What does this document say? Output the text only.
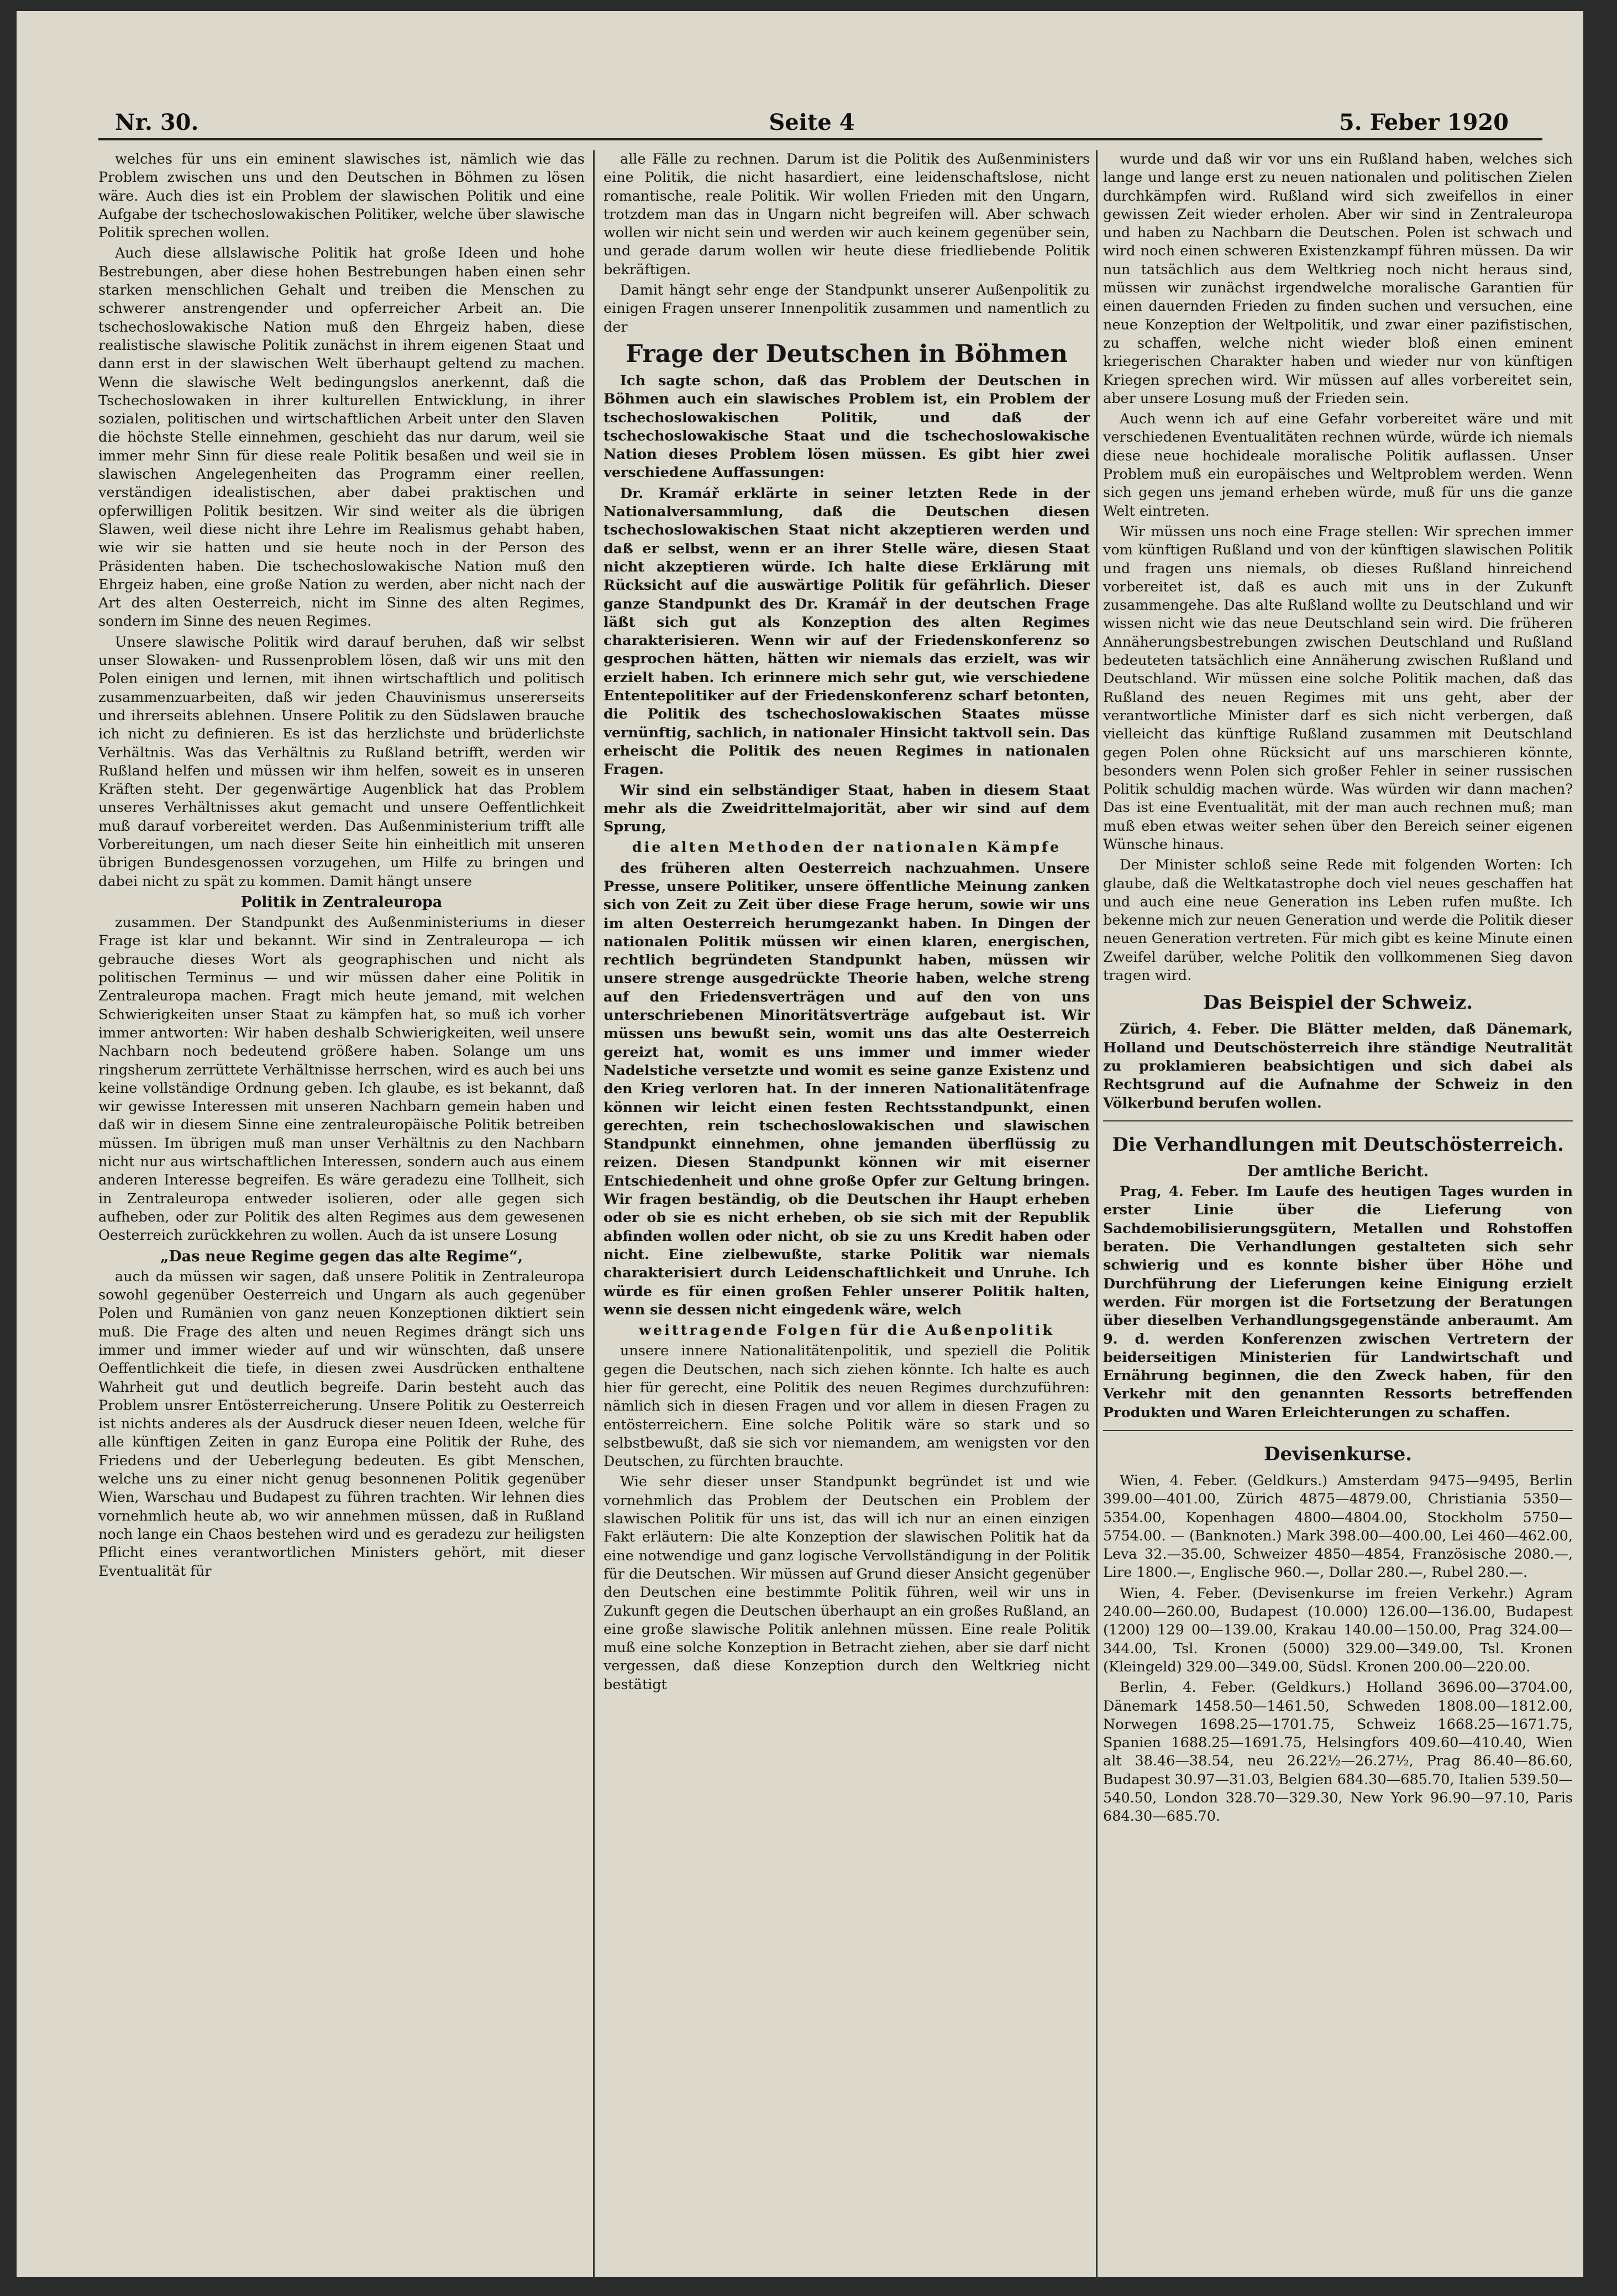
Nr. 30.	Seite 4	5. Feber 1920

welches für uns ein eminent slawisches ist, nämlich wie das Problem zwischen uns und den Deutschen in Böhmen zu lösen wäre. Auch dies ist ein Problem der slawischen Politik und eine Aufgabe der tschechoslowakischen Politiker, welche über slawische Politik sprechen wollen.

Auch diese allslawische Politik hat große Ideen und hohe Bestrebungen, aber diese hohen Bestrebungen haben einen sehr starken menschlichen Gehalt und treiben die Menschen zu schwerer anstrengender und opferreicher Arbeit an. Die tschechoslowakische Nation muß den Ehrgeiz haben, diese realistische slawische Politik zunächst in ihrem eigenen Staat und dann erst in der slawischen Welt überhaupt geltend zu machen. Wenn die slawische Welt bedingungslos anerkennt, daß die Tschechoslowaken in ihrer kulturellen Entwicklung, in ihrer sozialen, politischen und wirtschaftlichen Arbeit unter den Slaven die höchste Stelle einnehmen, geschieht das nur darum, weil sie immer mehr Sinn für diese reale Politik besaßen und weil sie in slawischen Angelegenheiten das Programm einer reellen, verständigen idealistischen, aber dabei praktischen und opferwilligen Politik besitzen. Wir sind weiter als die übrigen Slawen, weil diese nicht ihre Lehre im Realismus gehabt haben, wie wir sie hatten und sie heute noch in der Person des Präsidenten haben. Die tschechoslowakische Nation muß den Ehrgeiz haben, eine große Nation zu werden, aber nicht nach der Art des alten Oesterreich, nicht im Sinne des alten Regimes, sondern im Sinne des neuen Regimes.

Unsere slawische Politik wird darauf beruhen, daß wir selbst unser Slowaken- und Russenproblem lösen, daß wir uns mit den Polen einigen und lernen, mit ihnen wirtschaftlich und politisch zusammenzuarbeiten, daß wir jeden Chauvinismus unsererseits und ihrerseits ablehnen. Unsere Politik zu den Südslawen brauche ich nicht zu definieren. Es ist das herzlichste und brüderlichste Verhältnis. Was das Verhältnis zu Rußland betrifft, werden wir Rußland helfen und müssen wir ihm helfen, soweit es in unseren Kräften steht. Der gegenwärtige Augenblick hat das Problem unseres Verhältnisses akut gemacht und unsere Oeffentlichkeit muß darauf vorbereitet werden. Das Außenministerium trifft alle Vorbereitungen, um nach dieser Seite hin einheitlich mit unseren übrigen Bundesgenossen vorzugehen, um Hilfe zu bringen und dabei nicht zu spät zu kommen. Damit hängt unsere

Politik in Zentraleuropa

zusammen. Der Standpunkt des Außenministeriums in dieser Frage ist klar und bekannt. Wir sind in Zentraleuropa — ich gebrauche dieses Wort als geographischen und nicht als politischen Terminus — und wir müssen daher eine Politik in Zentraleuropa machen. Fragt mich heute jemand, mit welchen Schwierigkeiten unser Staat zu kämpfen hat, so muß ich vorher immer antworten: Wir haben deshalb Schwierigkeiten, weil unsere Nachbarn noch bedeutend größere haben. Solange um uns ringsherum zerrüttete Verhältnisse herrschen, wird es auch bei uns keine vollständige Ordnung geben. Ich glaube, es ist bekannt, daß wir gewisse Interessen mit unseren Nachbarn gemein haben und daß wir in diesem Sinne eine zentraleuropäische Politik betreiben müssen. Im übrigen muß man unser Verhältnis zu den Nachbarn nicht nur aus wirtschaftlichen Interessen, sondern auch aus einem anderen Interesse begreifen. Es wäre geradezu eine Tollheit, sich in Zentraleuropa entweder isolieren, oder alle gegen sich aufheben, oder zur Politik des alten Regimes aus dem gewesenen Oesterreich zurückkehren zu wollen. Auch da ist unsere Losung

„Das neue Regime gegen das alte Regime“,

auch da müssen wir sagen, daß unsere Politik in Zentraleuropa sowohl gegenüber Oesterreich und Ungarn als auch gegenüber Polen und Rumänien von ganz neuen Konzeptionen diktiert sein muß. Die Frage des alten und neuen Regimes drängt sich uns immer und immer wieder auf und wir wünschten, daß unsere Oeffentlichkeit die tiefe, in diesen zwei Ausdrücken enthaltene Wahrheit gut und deutlich begreife. Darin besteht auch das Problem unsrer Entösterreicherung. Unsere Politik zu Oesterreich ist nichts anderes als der Ausdruck dieser neuen Ideen, welche für alle künftigen Zeiten in ganz Europa eine Politik der Ruhe, des Friedens und der Ueberlegung bedeuten. Es gibt Menschen, welche uns zu einer nicht genug besonnenen Politik gegenüber Wien, Warschau und Budapest zu führen trachten. Wir lehnen dies vornehmlich heute ab, wo wir annehmen müssen, daß in Rußland noch lange ein Chaos bestehen wird und es geradezu zur heiligsten Pflicht eines verantwortlichen Ministers gehört, mit dieser Eventualität für

alle Fälle zu rechnen. Darum ist die Politik des Außenministers eine Politik, die nicht hasardiert, eine leidenschaftslose, nicht romantische, reale Politik. Wir wollen Frieden mit den Ungarn, trotzdem man das in Ungarn nicht begreifen will. Aber schwach wollen wir nicht sein und werden wir auch keinem gegenüber sein, und gerade darum wollen wir heute diese friedliebende Politik bekräftigen.

Damit hängt sehr enge der Standpunkt unserer Außenpolitik zu einigen Fragen unserer Innenpolitik zusammen und namentlich zu der

Frage der Deutschen in Böhmen

Ich sagte schon, daß das Problem der Deutschen in Böhmen auch ein slawisches Problem ist, ein Problem der tschechoslowakischen Politik, und daß der tschechoslowakische Staat und die tschechoslowakische Nation dieses Problem lösen müssen. Es gibt hier zwei verschiedene Auffassungen:

Dr. Kramář erklärte in seiner letzten Rede in der Nationalversammlung, daß die Deutschen diesen tschechoslowakischen Staat nicht akzeptieren werden und daß er selbst, wenn er an ihrer Stelle wäre, diesen Staat nicht akzeptieren würde. Ich halte diese Erklärung mit Rücksicht auf die auswärtige Politik für gefährlich. Dieser ganze Standpunkt des Dr. Kramář in der deutschen Frage läßt sich gut als Konzeption des alten Regimes charakterisieren. Wenn wir auf der Friedenskonferenz so gesprochen hätten, hätten wir niemals das erzielt, was wir erzielt haben. Ich erinnere mich sehr gut, wie verschiedene Ententepolitiker auf der Friedenskonferenz scharf betonten, die Politik des tschechoslowakischen Staates müsse vernünftig, sachlich, in nationaler Hinsicht taktvoll sein. Das erheischt die Politik des neuen Regimes in nationalen Fragen.

Wir sind ein selbständiger Staat, haben in diesem Staat mehr als die Zweidrittelmajorität, aber wir sind auf dem Sprung,

die alten Methoden der nationalen Kämpfe

des früheren alten Oesterreich nachzuahmen. Unsere Presse, unsere Politiker, unsere öffentliche Meinung zanken sich von Zeit zu Zeit über diese Frage herum, sowie wir uns im alten Oesterreich herumgezankt haben. In Dingen der nationalen Politik müssen wir einen klaren, energischen, rechtlich begründeten Standpunkt haben, müssen wir unsere strenge ausgedrückte Theorie haben, welche streng auf den Friedensverträgen und auf den von uns unterschriebenen Minoritätsverträge aufgebaut ist. Wir müssen uns bewußt sein, womit uns das alte Oesterreich gereizt hat, womit es uns immer und immer wieder Nadelstiche versetzte und womit es seine ganze Existenz und den Krieg verloren hat. In der inneren Nationalitätenfrage können wir leicht einen festen Rechtsstandpunkt, einen gerechten, rein tschechoslowakischen und slawischen Standpunkt einnehmen, ohne jemanden überflüssig zu reizen. Diesen Standpunkt können wir mit eiserner Entschiedenheit und ohne große Opfer zur Geltung bringen. Wir fragen beständig, ob die Deutschen ihr Haupt erheben oder ob sie es nicht erheben, ob sie sich mit der Republik abfinden wollen oder nicht, ob sie zu uns Kredit haben oder nicht. Eine zielbewußte, starke Politik war niemals charakterisiert durch Leidenschaftlichkeit und Unruhe. Ich würde es für einen großen Fehler unserer Politik halten, wenn sie dessen nicht eingedenk wäre, welch

weittragende Folgen für die Außenpolitik

unsere innere Nationalitätenpolitik, und speziell die Politik gegen die Deutschen, nach sich ziehen könnte. Ich halte es auch hier für gerecht, eine Politik des neuen Regimes durchzuführen: nämlich sich in diesen Fragen und vor allem in diesen Fragen zu entösterreichern. Eine solche Politik wäre so stark und so selbstbewußt, daß sie sich vor niemandem, am wenigsten vor den Deutschen, zu fürchten brauchte.

Wie sehr dieser unser Standpunkt begründet ist und wie vornehmlich das Problem der Deutschen ein Problem der slawischen Politik für uns ist, das will ich nur an einen einzigen Fakt erläutern: Die alte Konzeption der slawischen Politik hat da eine notwendige und ganz logische Vervollständigung in der Politik für die Deutschen. Wir müssen auf Grund dieser Ansicht gegenüber den Deutschen eine bestimmte Politik führen, weil wir uns in Zukunft gegen die Deutschen überhaupt an ein großes Rußland, an eine große slawische Politik anlehnen müssen. Eine reale Politik muß eine solche Konzeption in Betracht ziehen, aber sie darf nicht vergessen, daß diese Konzeption durch den Weltkrieg nicht bestätigt

wurde und daß wir vor uns ein Rußland haben, welches sich lange und lange erst zu neuen nationalen und politischen Zielen durchkämpfen wird. Rußland wird sich zweifellos in einer gewissen Zeit wieder erholen. Aber wir sind in Zentraleuropa und haben zu Nachbarn die Deutschen. Polen ist schwach und wird noch einen schweren Existenzkampf führen müssen. Da wir nun tatsächlich aus dem Weltkrieg noch nicht heraus sind, müssen wir zunächst irgendwelche moralische Garantien für einen dauernden Frieden zu finden suchen und versuchen, eine neue Konzeption der Weltpolitik, und zwar einer pazifistischen, zu schaffen, welche nicht wieder bloß einen eminent kriegerischen Charakter haben und wieder nur von künftigen Kriegen sprechen wird. Wir müssen auf alles vorbereitet sein, aber unsere Losung muß der Frieden sein.

Auch wenn ich auf eine Gefahr vorbereitet wäre und mit verschiedenen Eventualitäten rechnen würde, würde ich niemals diese neue hochideale moralische Politik auflassen. Unser Problem muß ein europäisches und Weltproblem werden. Wenn sich gegen uns jemand erheben würde, muß für uns die ganze Welt eintreten.

Wir müssen uns noch eine Frage stellen: Wir sprechen immer vom künftigen Rußland und von der künftigen slawischen Politik und fragen uns niemals, ob dieses Rußland hinreichend vorbereitet ist, daß es auch mit uns in der Zukunft zusammengehe. Das alte Rußland wollte zu Deutschland und wir wissen nicht wie das neue Deutschland sein wird. Die früheren Annäherungsbestrebungen zwischen Deutschland und Rußland bedeuteten tatsächlich eine Annäherung zwischen Rußland und Deutschland. Wir müssen eine solche Politik machen, daß das Rußland des neuen Regimes mit uns geht, aber der verantwortliche Minister darf es sich nicht verbergen, daß vielleicht das künftige Rußland zusammen mit Deutschland gegen Polen ohne Rücksicht auf uns marschieren könnte, besonders wenn Polen sich großer Fehler in seiner russischen Politik schuldig machen würde. Was würden wir dann machen? Das ist eine Eventualität, mit der man auch rechnen muß; man muß eben etwas weiter sehen über den Bereich seiner eigenen Wünsche hinaus.

Der Minister schloß seine Rede mit folgenden Worten: Ich glaube, daß die Weltkatastrophe doch viel neues geschaffen hat und auch eine neue Generation ins Leben rufen mußte. Ich bekenne mich zur neuen Generation und werde die Politik dieser neuen Generation vertreten. Für mich gibt es keine Minute einen Zweifel darüber, welche Politik den vollkommenen Sieg davon tragen wird.

Das Beispiel der Schweiz.

Zürich, 4. Feber. Die Blätter melden, daß Dänemark, Holland und Deutschösterreich ihre ständige Neutralität zu proklamieren beabsichtigen und sich dabei als Rechtsgrund auf die Aufnahme der Schweiz in den Völkerbund berufen wollen.

Die Verhandlungen mit Deutschösterreich.

Der amtliche Bericht.

Prag, 4. Feber. Im Laufe des heutigen Tages wurden in erster Linie über die Lieferung von Sachdemobilisierungsgütern, Metallen und Rohstoffen beraten. Die Verhandlungen gestalteten sich sehr schwierig und es konnte bisher über Höhe und Durchführung der Lieferungen keine Einigung erzielt werden. Für morgen ist die Fortsetzung der Beratungen über dieselben Verhandlungsgegenstände anberaumt. Am 9. d. werden Konferenzen zwischen Vertretern der beiderseitigen Ministerien für Landwirtschaft und Ernährung beginnen, die den Zweck haben, für den Verkehr mit den genannten Ressorts betreffenden Produkten und Waren Erleichterungen zu schaffen.

Devisenkurse.

Wien, 4. Feber. (Geldkurs.) Amsterdam 9475—9495, Berlin 399.00—401.00, Zürich 4875—4879.00, Christiania 5350—5354.00, Kopenhagen 4800—4804.00, Stockholm 5750—5754.00. — (Banknoten.) Mark 398.00—400.00, Lei 460—462.00, Leva 32.—35.00, Schweizer 4850—4854, Französische 2080.—, Lire 1800.—, Englische 960.—, Dollar 280.—, Rubel 280.—.

Wien, 4. Feber. (Devisenkurse im freien Verkehr.) Agram 240.00—260.00, Budapest (10.000) 126.00—136.00, Budapest (1200) 129 00—139.00, Krakau 140.00—150.00, Prag 324.00—344.00, Tsl. Kronen (5000) 329.00—349.00, Tsl. Kronen (Kleingeld) 329.00—349.00, Südsl. Kronen 200.00—220.00.

Berlin, 4. Feber. (Geldkurs.) Holland 3696.00—3704.00, Dänemark 1458.50—1461.50, Schweden 1808.00—1812.00, Norwegen 1698.25—1701.75, Schweiz 1668.25—1671.75, Spanien 1688.25—1691.75, Helsingfors 409.60—410.40, Wien alt 38.46—38.54, neu 26.22½—26.27½, Prag 86.40—86.60, Budapest 30.97—31.03, Belgien 684.30—685.70, Italien 539.50—540.50, London 328.70—329.30, New York 96.90—97.10, Paris 684.30—685.70.
